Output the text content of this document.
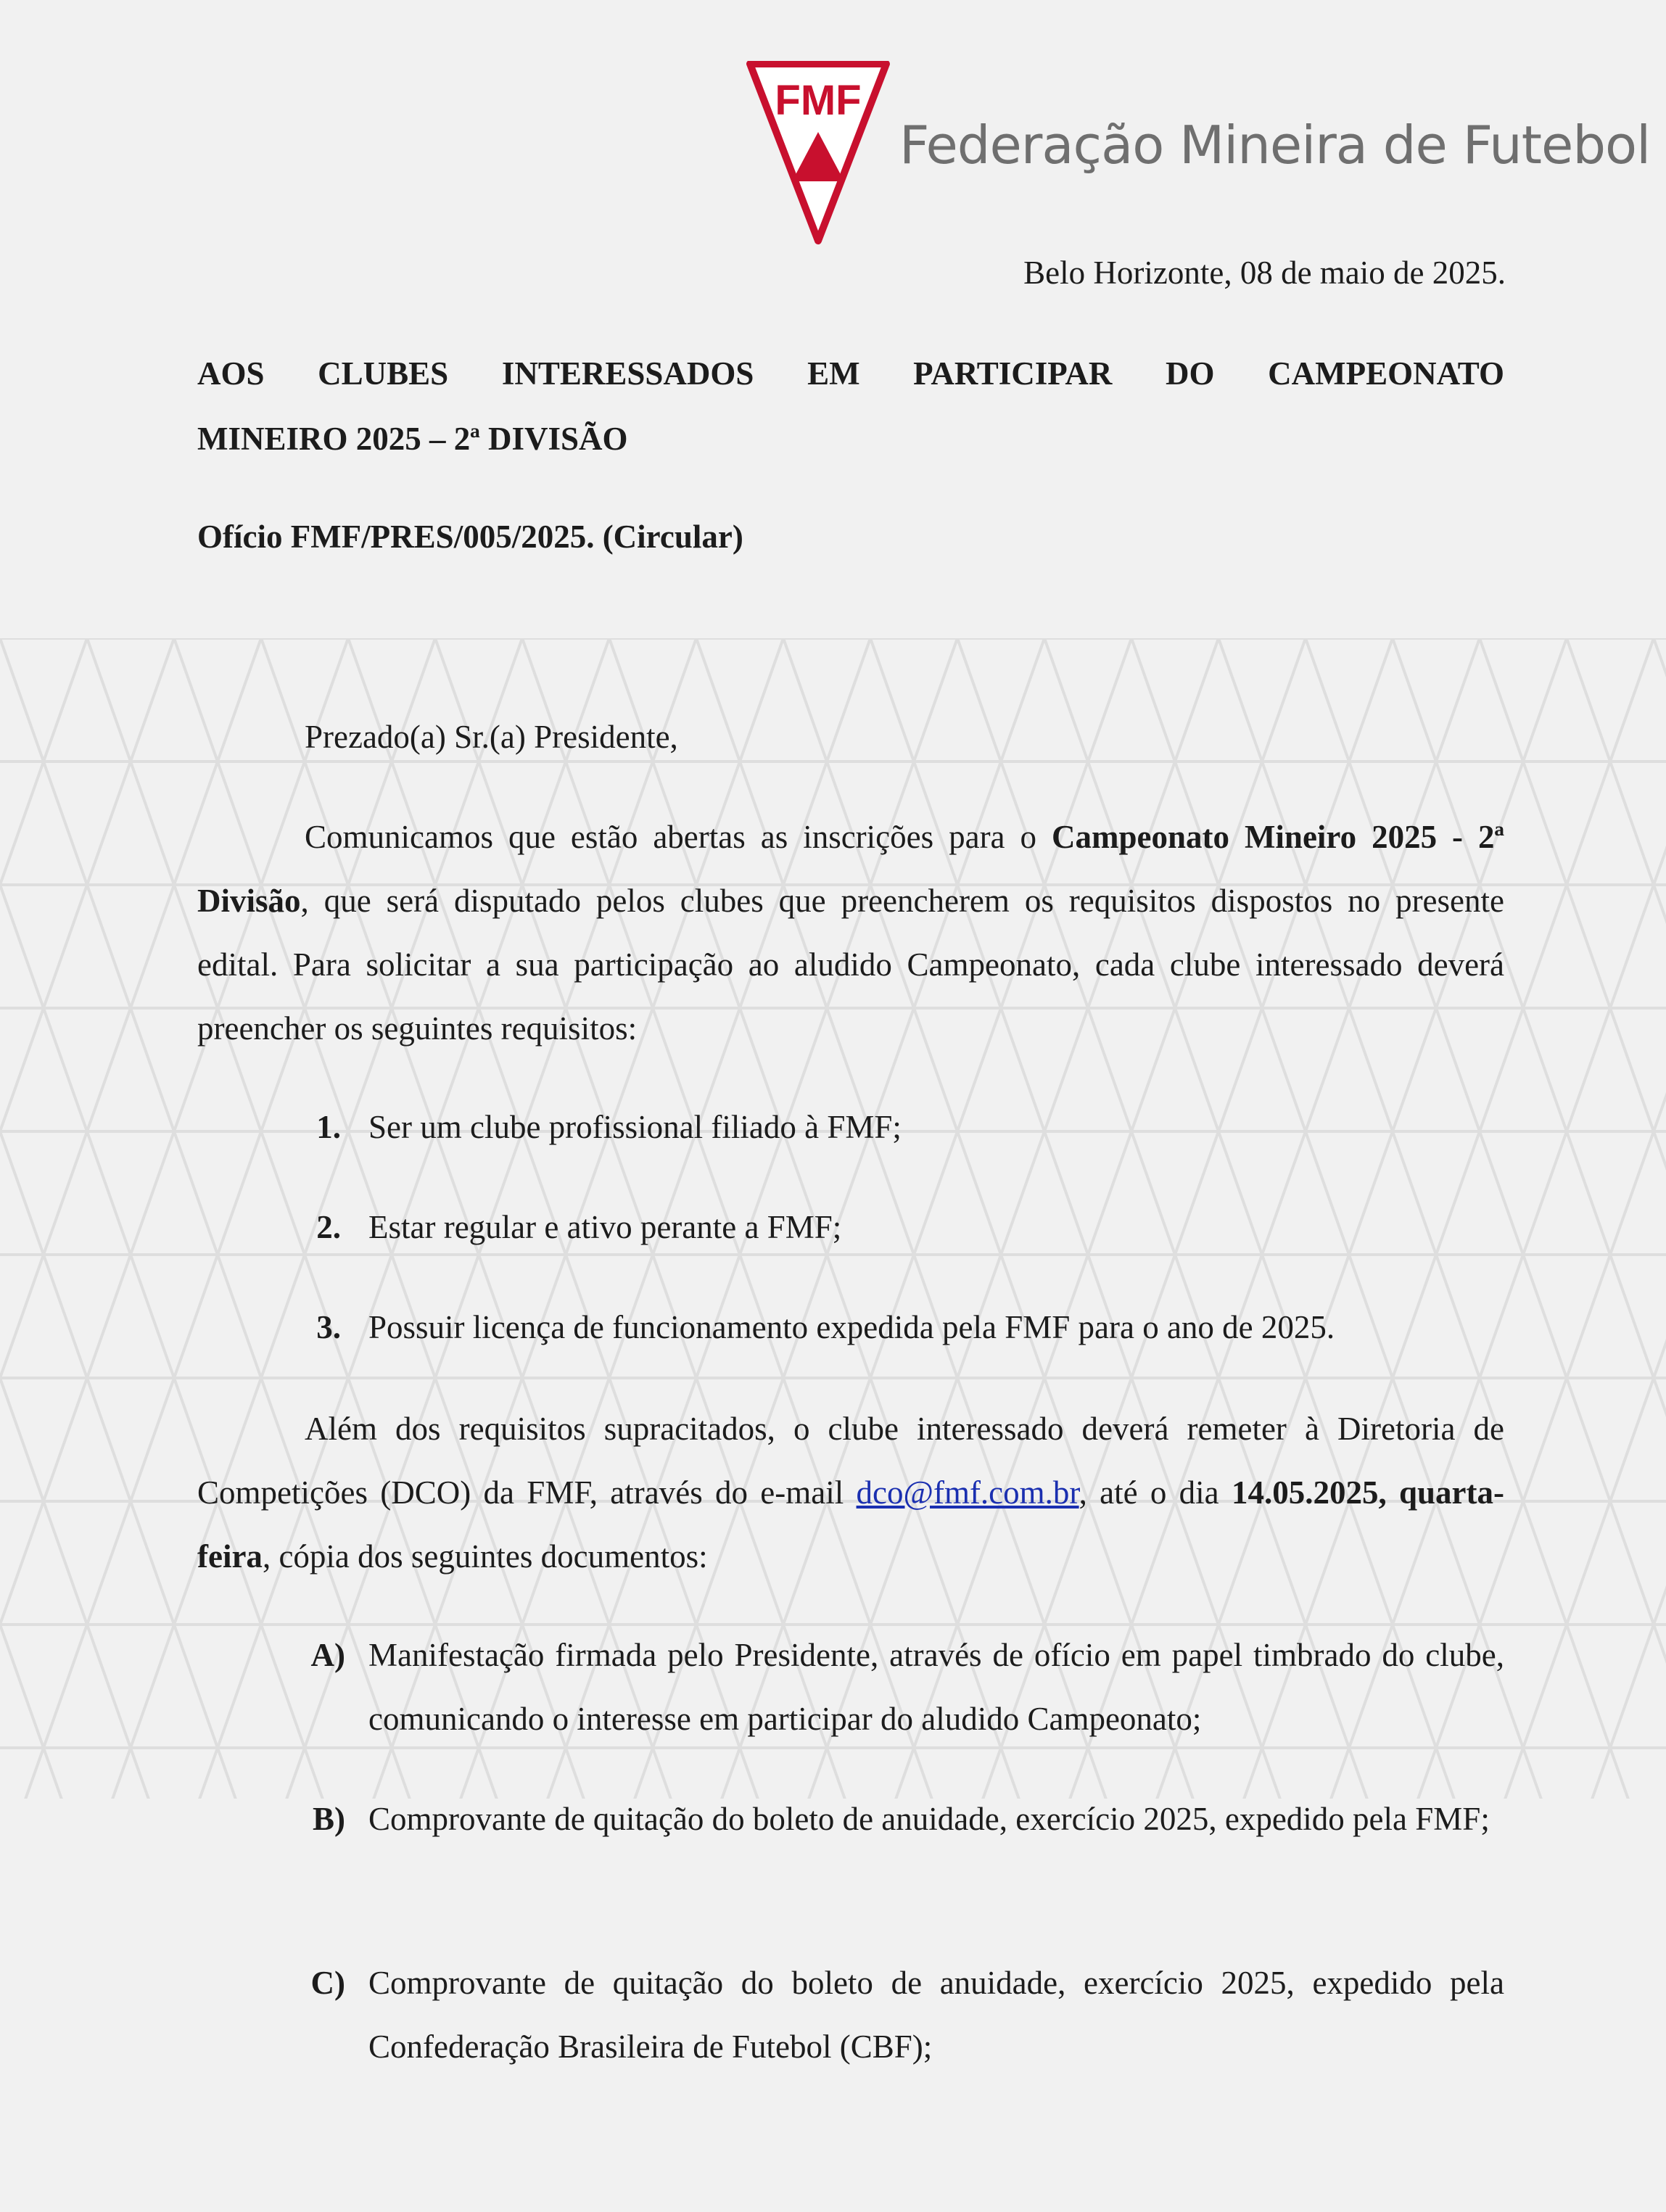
FMF
Federação Mineira de Futebol
Belo Horizonte, 08 de maio de 2025.
AOS CLUBES INTERESSADOS EM PARTICIPAR DO CAMPEONATO
MINEIRO 2025 – 2ª DIVISÃO
Ofício FMF/PRES/005/2025. (Circular)
Prezado(a) Sr.(a) Presidente,
Comunicamos que estão abertas as inscrições para o Campeonato Mineiro 2025 - 2ª Divisão, que será disputado pelos clubes que preencherem os requisitos dispostos no presente edital. Para solicitar a sua participação ao aludido Campeonato, cada clube interessado deverá preencher os seguintes requisitos:
1. Ser um clube profissional filiado à FMF;
2. Estar regular e ativo perante a FMF;
3. Possuir licença de funcionamento expedida pela FMF para o ano de 2025.
Além dos requisitos supracitados, o clube interessado deverá remeter à Diretoria de Competições (DCO) da FMF, através do e-mail dco@fmf.com.br, até o dia 14.05.2025, quarta-feira, cópia dos seguintes documentos:
A) Manifestação firmada pelo Presidente, através de ofício em papel timbrado do clube, comunicando o interesse em participar do aludido Campeonato;
B) Comprovante de quitação do boleto de anuidade, exercício 2025, expedido pela FMF;
C) Comprovante de quitação do boleto de anuidade, exercício 2025, expedido pela Confederação Brasileira de Futebol (CBF);
